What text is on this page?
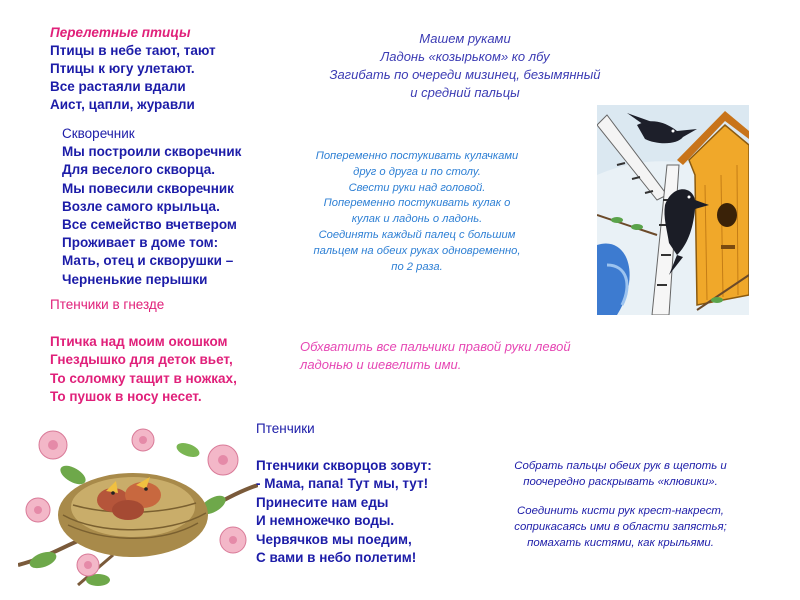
Перелетные птицы
Птицы в небе тают, тают
Птицы к югу улетают.
Все растаяли вдали
Аист, цапли, журавли
Машем руками
Ладонь «козырьком» ко лбу
Загибать по очереди мизинец, безымянный
и средний пальцы
Скворечник
Мы построили скворечник
Для веселого скворца.
Мы повесили скворечник
Возле самого крыльца.
Все семейство вчетвером
Проживает в доме том:
Мать, отец и скворушки –
Черненькие перышки
Попеременно постукивать кулачками
друг о друга и по столу.
Свести руки над головой.
Попеременно постукивать кулак о
кулак и ладонь о ладонь.
Соединять каждый палец с большим
пальцем на обеих руках одновременно,
по 2 раза.
Птенчики в гнезде
Птичка над моим окошком
Гнездышко для деток вьет,
То соломку тащит в ножках,
То пушок в носу несет.
Обхватить все пальчики правой руки левой
ладонью и шевелить ими.
Птенчики
Птенчики скворцов зовут:
- Мама, папа! Тут мы, тут!
Принесите нам еды
И немножечко воды.
Червячков мы поедим,
С вами в небо полетим!
Собрать пальцы обеих рук в щепоть и
поочередно раскрывать «клювики».
Соединить кисти рук крест-накрест,
соприкасаясь ими в области запястья;
помахать кистями, как крыльями.
